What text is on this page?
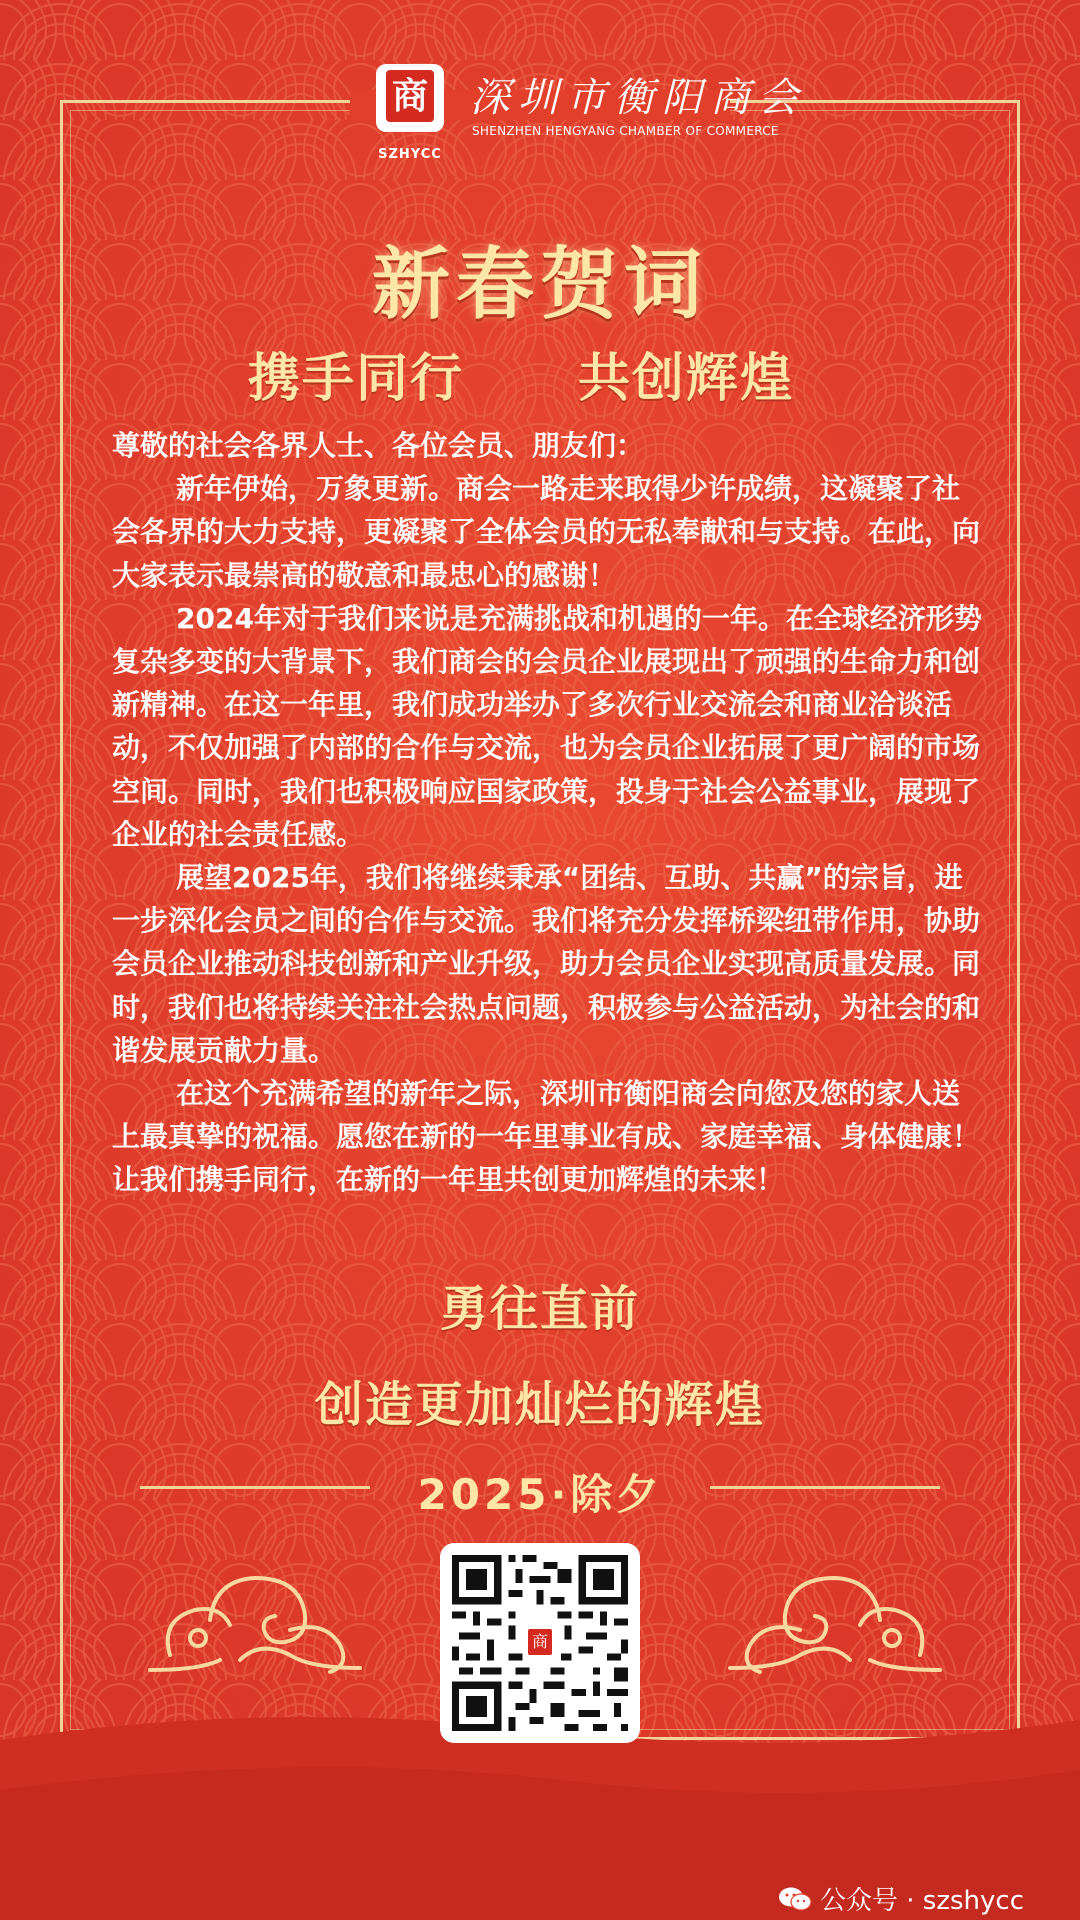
商
SZHYCC
深圳市衡阳商会
SHENZHEN HENGYANG CHAMBER OF COMMERCE
新春贺词
携手同行 共创辉煌

尊敬的社会各界人士、各位会员、朋友们：

新年伊始，万象更新。商会一路走来取得少许成绩，这凝聚了社会各界的大力支持，更凝聚了全体会员的无私奉献和与支持。在此，向大家表示最崇高的敬意和最忠心的感谢！

2024年对于我们来说是充满挑战和机遇的一年。在全球经济形势复杂多变的大背景下，我们商会的会员企业展现出了顽强的生命力和创新精神。在这一年里，我们成功举办了多次行业交流会和商业洽谈活动，不仅加强了内部的合作与交流，也为会员企业拓展了更广阔的市场空间。同时，我们也积极响应国家政策，投身于社会公益事业，展现了企业的社会责任感。

展望2025年，我们将继续秉承“团结、互助、共赢”的宗旨，进一步深化会员之间的合作与交流。我们将充分发挥桥梁纽带作用，协助会员企业推动科技创新和产业升级，助力会员企业实现高质量发展。同时，我们也将持续关注社会热点问题，积极参与公益活动，为社会的和谐发展贡献力量。

在这个充满希望的新年之际，深圳市衡阳商会向您及您的家人送上最真挚的祝福。愿您在新的一年里事业有成、家庭幸福、身体健康！让我们携手同行，在新的一年里共创更加辉煌的未来！

勇往直前
创造更加灿烂的辉煌
2025·除夕
商
公众号 · szshycc
